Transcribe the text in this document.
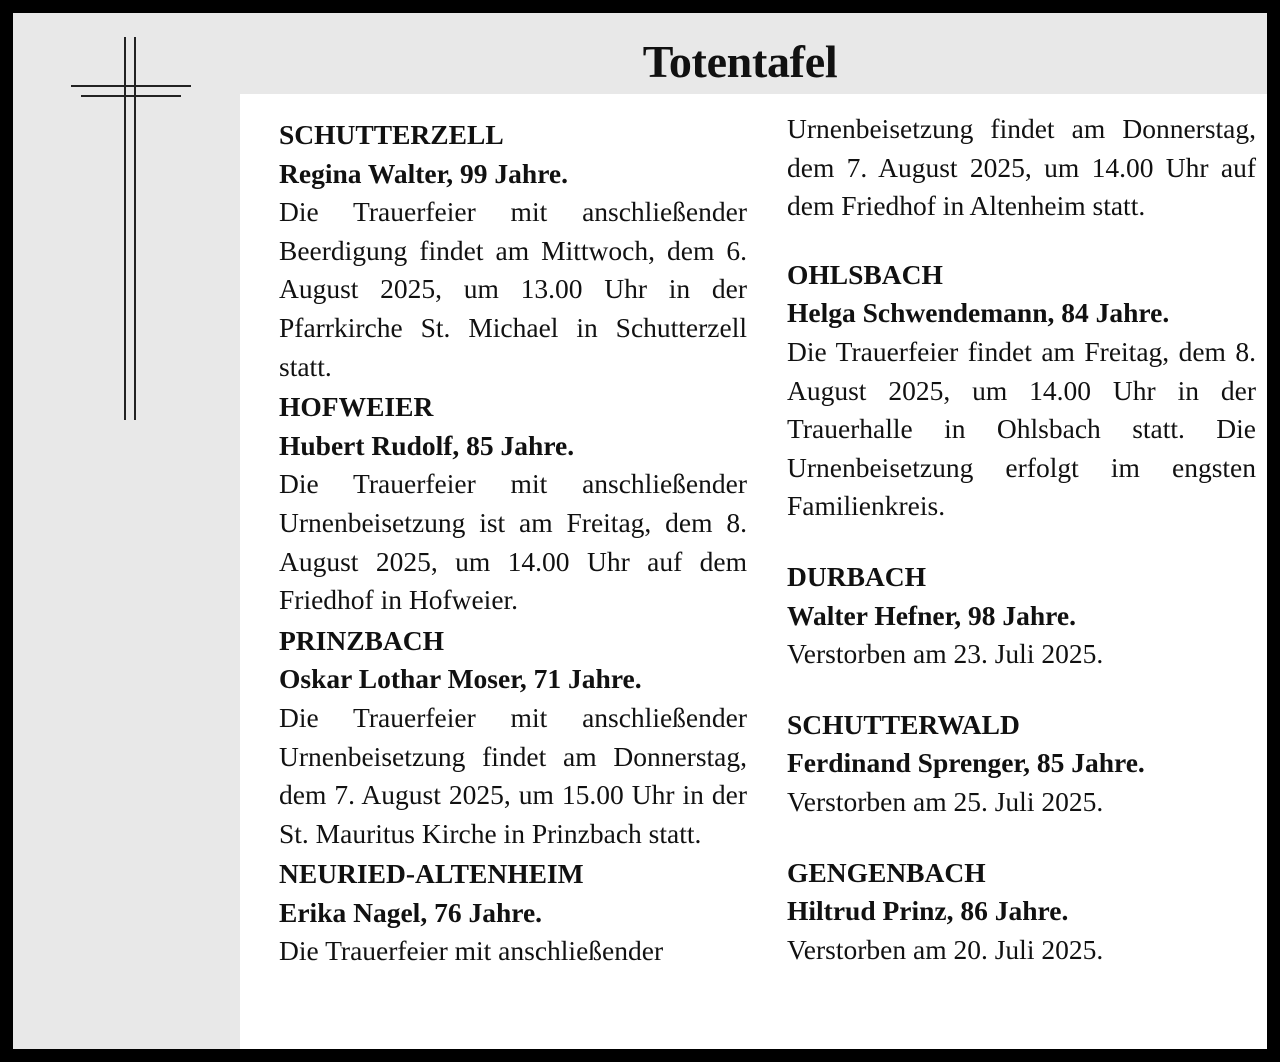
Totentafel
SCHUTTERZELL
Regina Walter, 99 Jahre.
Die Trauerfeier mit anschließender Beerdigung findet am Mittwoch, dem 6. August 2025, um 13.00 Uhr in der Pfarrkirche St. Michael in Schutterzell statt.
HOFWEIER
Hubert Rudolf, 85 Jahre.
Die Trauerfeier mit anschließender Urnenbeisetzung ist am Freitag, dem 8. August 2025, um 14.00 Uhr auf dem Friedhof in Hofweier.
PRINZBACH
Oskar Lothar Moser, 71 Jahre.
Die Trauerfeier mit anschließender Urnenbeisetzung findet am Donnerstag, dem 7. August 2025, um 15.00 Uhr in der St. Mauritus Kirche in Prinzbach statt.
NEURIED-ALTENHEIM
Erika Nagel, 76 Jahre.
Die Trauerfeier mit anschließender
Urnenbeisetzung findet am Donnerstag, dem 7. August 2025, um 14.00 Uhr auf dem Friedhof in Altenheim statt.
OHLSBACH
Helga Schwendemann, 84 Jahre.
Die Trauerfeier findet am Freitag, dem 8. August 2025, um 14.00 Uhr in der Trauerhalle in Ohlsbach statt. Die Urnenbeisetzung erfolgt im engsten Familienkreis.
DURBACH
Walter Hefner, 98 Jahre.
Verstorben am 23. Juli 2025.
SCHUTTERWALD
Ferdinand Sprenger, 85 Jahre.
Verstorben am 25. Juli 2025.
GENGENBACH
Hiltrud Prinz, 86 Jahre.
Verstorben am 20. Juli 2025.
